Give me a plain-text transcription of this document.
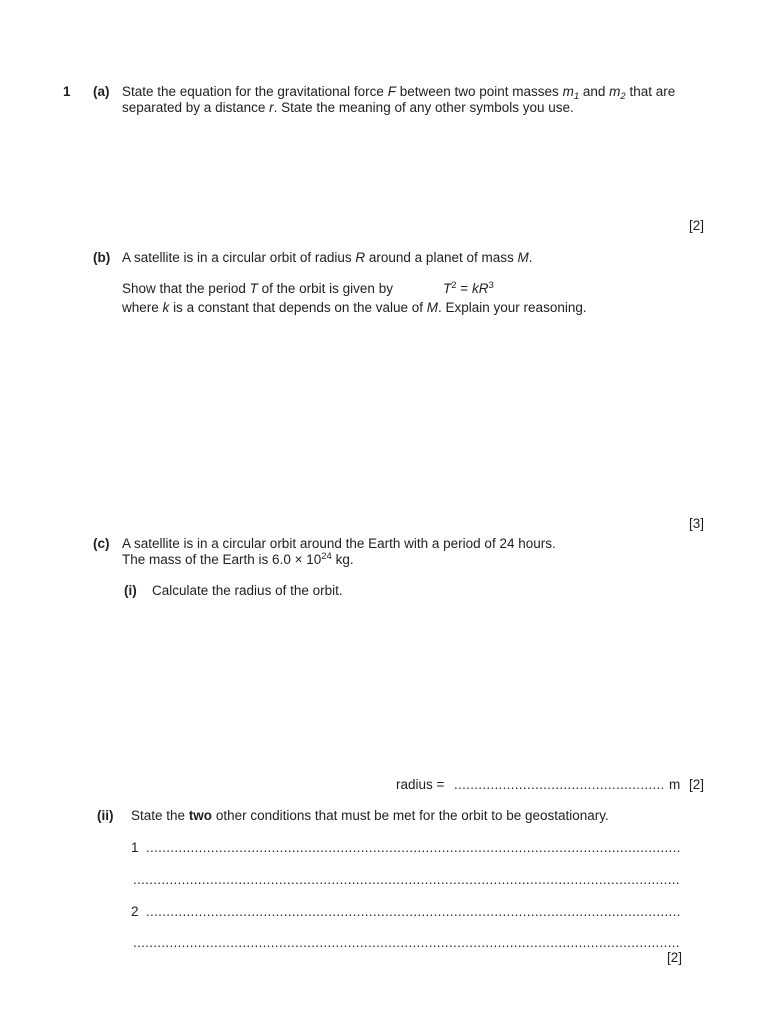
1 (a) State the equation for the gravitational force F between two point masses $m_1$ and $m_2$ that are
separated by a distance r. State the meaning of any other symbols you use.
[2]
(b) A satellite is in a circular orbit of radius R around a planet of mass M.
Show that the period T of the orbit is given by	$T^2 = kR^3$
where k is a constant that depends on the value of M. Explain your reasoning.
[3]
(c) A satellite is in a circular orbit around the Earth with a period of 24 hours.
The mass of the Earth is $6.0 \times 10^{24}$ kg.
(i) Calculate the radius of the orbit.
radius =
.....	m [2]
(ii) State the two other conditions that must be met for the orbit to be geostationary.
1
.....
.....
2
.....
.....
[2]
